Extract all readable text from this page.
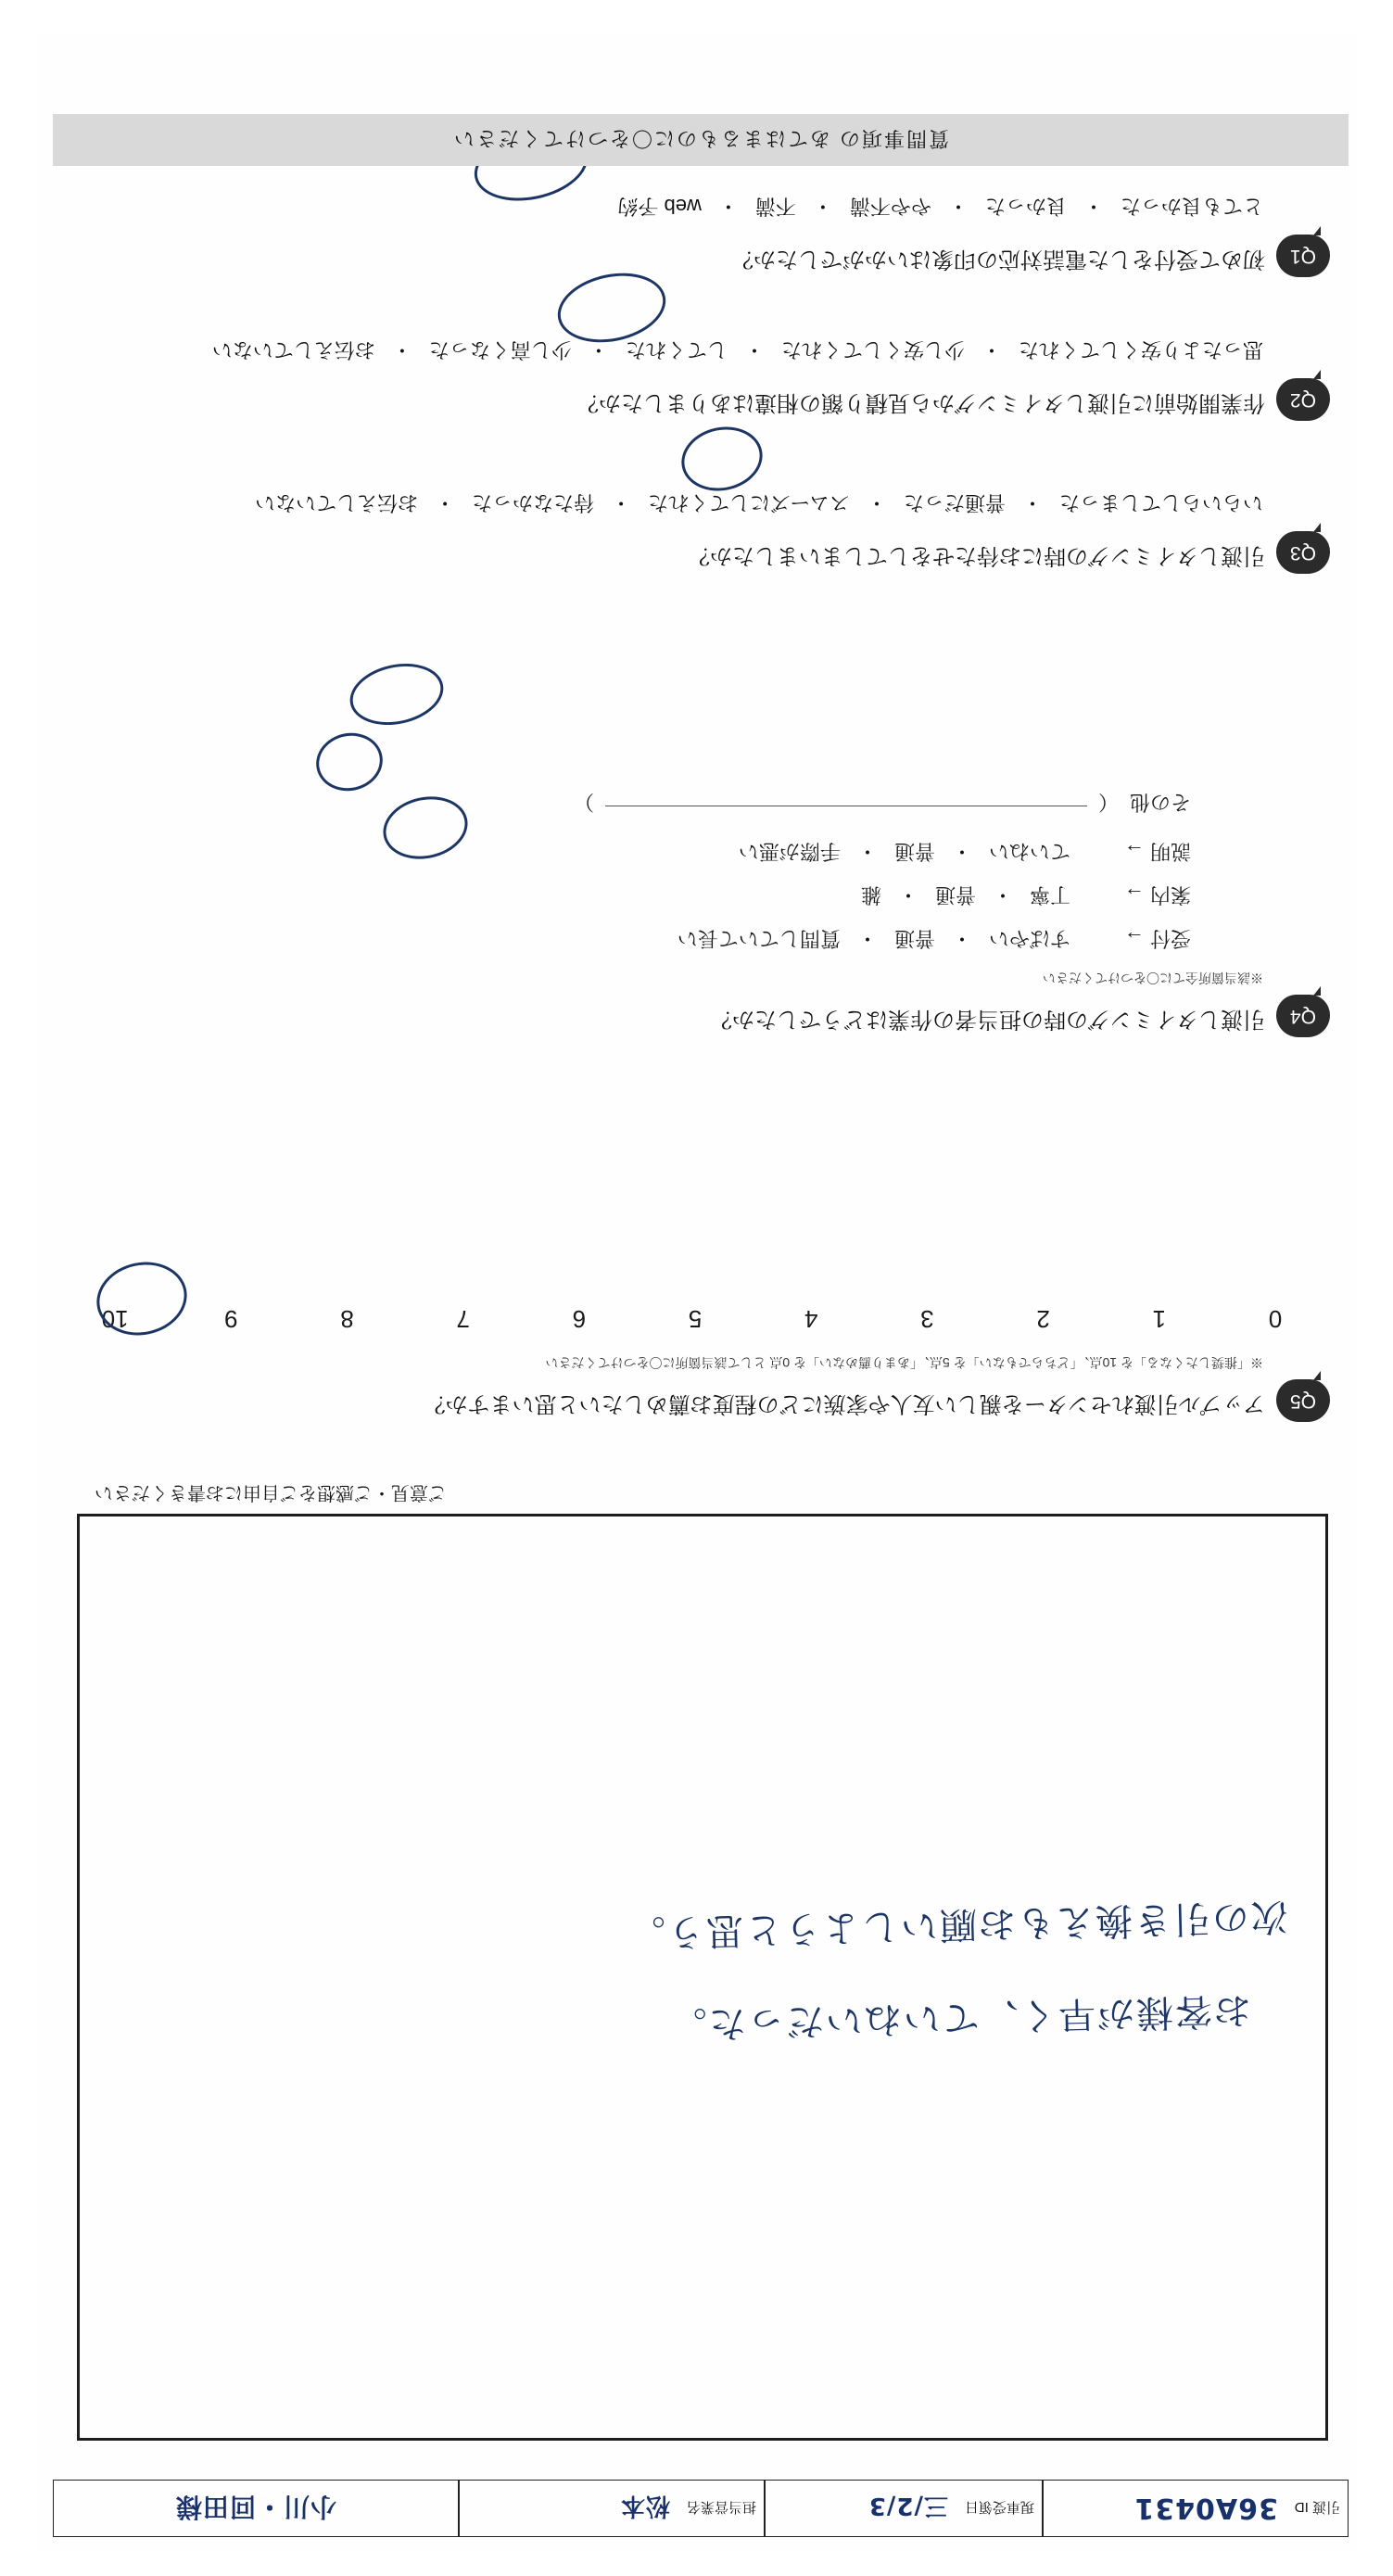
引渡 ID
36A0431
現車受領日
三/2/3
担当営業名
松本
小川・回田様
お客様が早く、ていねいだった。
次の引き換えもお願いしようと思う。
ご意見・ご感想をご自由にお書きください
Q5
アップル引渡れセンターを親しい友人や家族にどの程度お薦めしたいと思いますか？
※「推奨したくなる」を 10点、「どちらでもない」を 5点、「あまり薦めない」を 0点 として該当箇所に〇をつけてください
0
1
2
3
4
5
6
7
8
9
10
Q4
引渡しタイミングの時の担当者の作業はどうでしたか？
※該当箇所全てに〇をつけてください
受付 →
すばやい
・
普通
・
質問していて長い
案内 →
丁寧
・
普通
・
雑
説明 →
ていねい
・
普通
・
手際が悪い
その他
（
）
Q3
引渡しタイミングの時にお待たせをしてしまいましたか？
いらいらしてしまった
・
普通だった
・
スムーズにしてくれた
・
待たなかった
・
お伝えしていない
Q2
作業開始前に引渡しタイミングから見積り額の相違はありましたか？
思ったより安くしてくれた
・
少し安くしてくれた
・
してくれた
・
少し高くなった
・
お伝えしていない
Q1
初めて受付をした電話対応の印象はいかがでしたか？
とても良かった
・
良かった
・
やや不満
・
不満
・
web 予約
質問事項の あてはまるものに〇をつけてください
